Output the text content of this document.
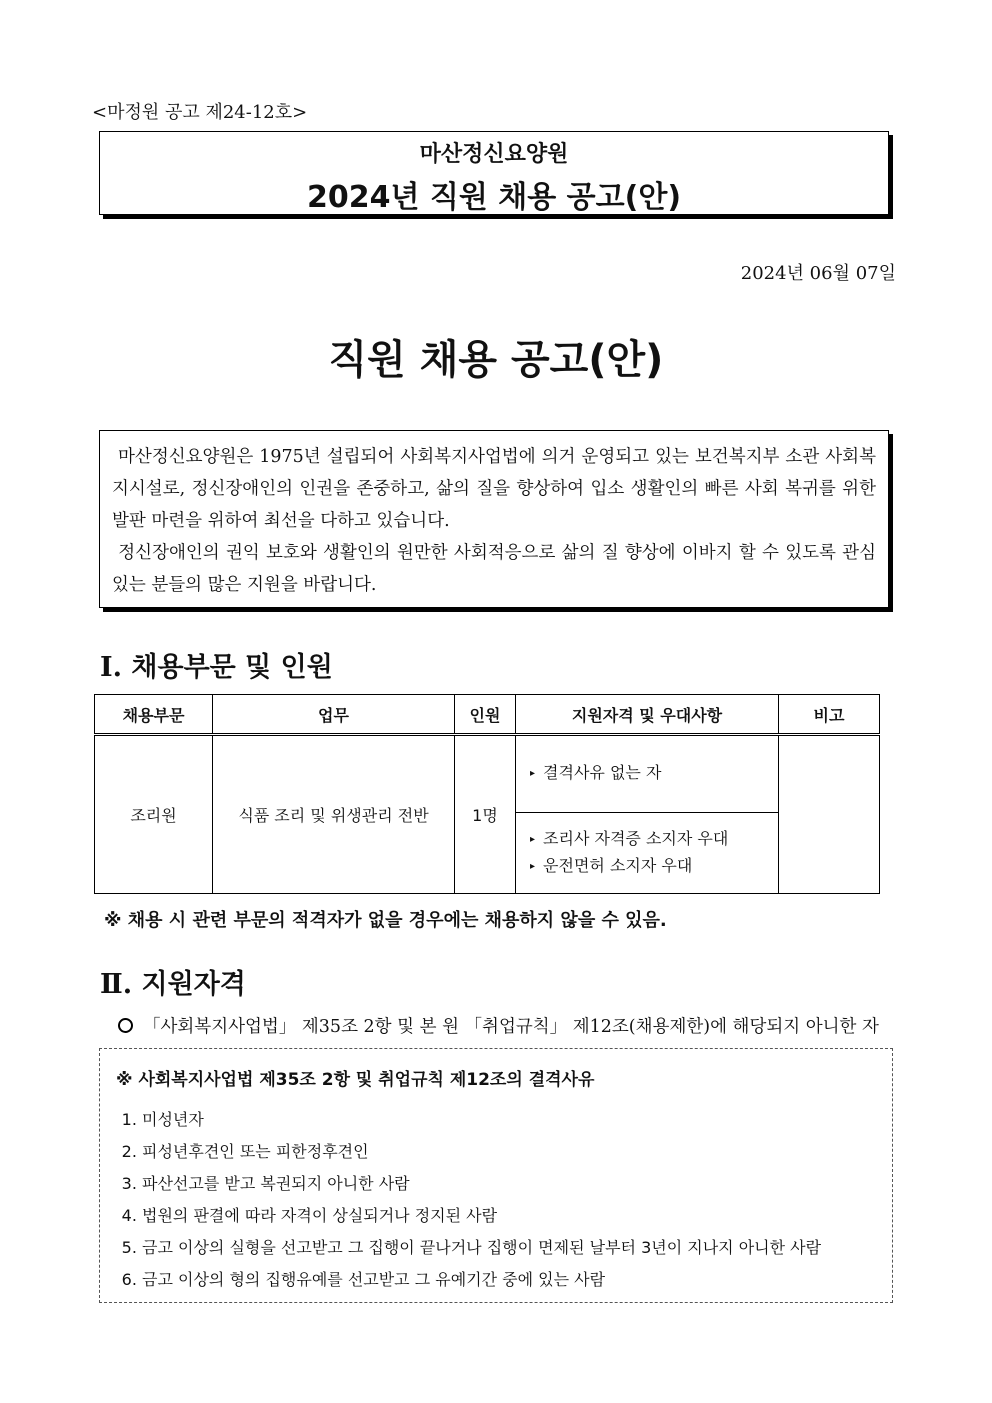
<마정원 공고 제24-12호>
마산정신요양원
2024년 직원 채용 공고(안)
2024년 06월 07일
직원 채용 공고(안)

마산정신요양원은 1975년 설립되어 사회복지사업법에 의거 운영되고 있는 보건복지부 소관 사회복지시설로, 정신장애인의 인권을 존중하고, 삶의 질을 향상하여 입소 생활인의 빠른 사회 복귀를 위한 발판 마련을 위하여 최선을 다하고 있습니다.

정신장애인의 권익 보호와 생활인의 원만한 사회적응으로 삶의 질 향상에 이바지 할 수 있도록 관심 있는 분들의 많은 지원을 바랍니다.

Ⅰ. 채용부문 및 인원
채용부문	업무	인원	지원자격 및 우대사항	비고
조리원	식품 조리 및 위생관리 전반	1명	▸ 결격사유 없는 자
▸ 조리사 자격증 소지자 우대
▸ 운전면허 소지자 우대	

※ 채용 시 관련 부문의 적격자가 없을 경우에는 채용하지 않을 수 있음.
Ⅱ. 지원자격
「사회복지사업법」 제35조 2항 및 본 원 「취업규칙」 제12조(채용제한)에 해당되지 아니한 자
※ 사회복지사업법 제35조 2항 및 취업규칙 제12조의 결격사유
1. 미성년자
2. 피성년후견인 또는 피한정후견인
3. 파산선고를 받고 복권되지 아니한 사람
4. 법원의 판결에 따라 자격이 상실되거나 정지된 사람
5. 금고 이상의 실형을 선고받고 그 집행이 끝나거나 집행이 면제된 날부터 3년이 지나지 아니한 사람
6. 금고 이상의 형의 집행유예를 선고받고 그 유예기간 중에 있는 사람
